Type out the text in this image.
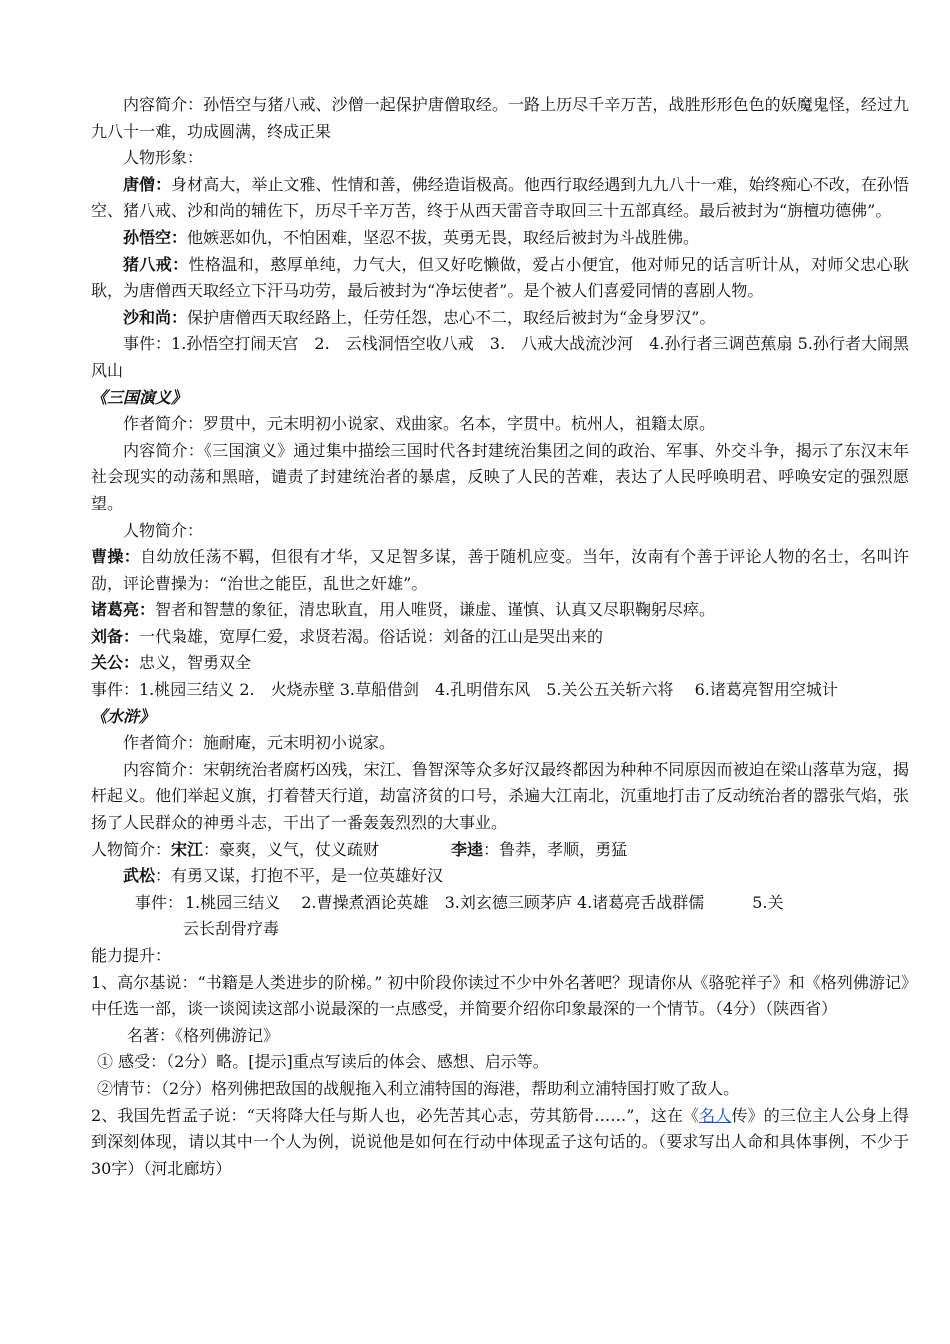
内容简介：孙悟空与猪八戒、沙僧一起保护唐僧取经。一路上历尽千辛万苦，战胜形形色色的妖魔鬼怪，经过九九八十一难，功成圆满，终成正果

人物形象：

唐僧：身材高大，举止文雅、性情和善，佛经造诣极高。他西行取经遇到九九八十一难，始终痴心不改，在孙悟空、猪八戒、沙和尚的辅佐下，历尽千辛万苦，终于从西天雷音寺取回三十五部真经。最后被封为“旃檀功德佛”。

孙悟空：他嫉恶如仇，不怕困难，坚忍不拔，英勇无畏，取经后被封为斗战胜佛。

猪八戒：性格温和，憨厚单纯，力气大，但又好吃懒做，爱占小便宜，他对师兄的话言听计从，对师父忠心耿耿，为唐僧西天取经立下汗马功劳，最后被封为“净坛使者”。是个被人们喜爱同情的喜剧人物。

沙和尚：保护唐僧西天取经路上，任劳任怨，忠心不二，取经后被封为“金身罗汉”。

事件：1.孙悟空打闹天宫　2.　云栈洞悟空收八戒　3.　八戒大战流沙河　4.孙行者三调芭蕉扇 5.孙行者大闹黑风山

《三国演义》

作者简介：罗贯中，元末明初小说家、戏曲家。名本，字贯中。杭州人，祖籍太原。

内容简介：《三国演义》通过集中描绘三国时代各封建统治集团之间的政治、军事、外交斗争，揭示了东汉末年社会现实的动荡和黑暗，谴责了封建统治者的暴虐，反映了人民的苦难，表达了人民呼唤明君、呼唤安定的强烈愿望。

人物简介：

曹操：自幼放任荡不羁，但很有才华，又足智多谋，善于随机应变。当年，汝南有个善于评论人物的名士，名叫许劭，评论曹操为：“治世之能臣，乱世之奸雄”。

诸葛亮：智者和智慧的象征，清忠耿直，用人唯贤，谦虚、谨慎、认真又尽职鞠躬尽瘁。

刘备：一代枭雄，宽厚仁爱，求贤若渴。俗话说：刘备的江山是哭出来的

关公：忠义，智勇双全

事件：1.桃园三结义 2.　火烧赤壁 3.草船借剑　4.孔明借东风　5.关公五关斩六将　 6.诸葛亮智用空城计

《水浒》

作者简介：施耐庵，元末明初小说家。

内容简介：宋朝统治者腐朽凶残，宋江、鲁智深等众多好汉最终都因为种种不同原因而被迫在梁山落草为寇，揭杆起义。他们举起义旗，打着替天行道，劫富济贫的口号，杀遍大江南北，沉重地打击了反动统治者的嚣张气焰，张扬了人民群众的神勇斗志，干出了一番轰轰烈烈的大事业。

人物简介：宋江：豪爽，义气，仗义疏财	李逵：鲁莽，孝顺，勇猛

武松：有勇又谋，打抱不平，是一位英雄好汉

事件： 1.桃园三结义　 2.曹操煮酒论英雄　3.刘玄德三顾茅庐 4.诸葛亮舌战群儒　　　5.关

云长刮骨疗毒

能力提升：

1、高尔基说：“书籍是人类进步的阶梯。” 初中阶段你读过不少中外名著吧？现请你从《骆驼祥子》和《格列佛游记》中任选一部，谈一谈阅读这部小说最深的一点感受，并简要介绍你印象最深的一个情节。（4分）（陕西省）

名著：《格列佛游记》

① 感受：（2分）略。[提示]重点写读后的体会、感想、启示等。

②情节：（2分）格列佛把敌国的战舰拖入利立浦特国的海港，帮助利立浦特国打败了敌人。

2、我国先哲孟子说：“天将降大任与斯人也，必先苦其心志，劳其筋骨……”，这在《名人传》的三位主人公身上得到深刻体现，请以其中一个人为例，说说他是如何在行动中体现孟子这句话的。（要求写出人命和具体事例，不少于30字）（河北廊坊）
